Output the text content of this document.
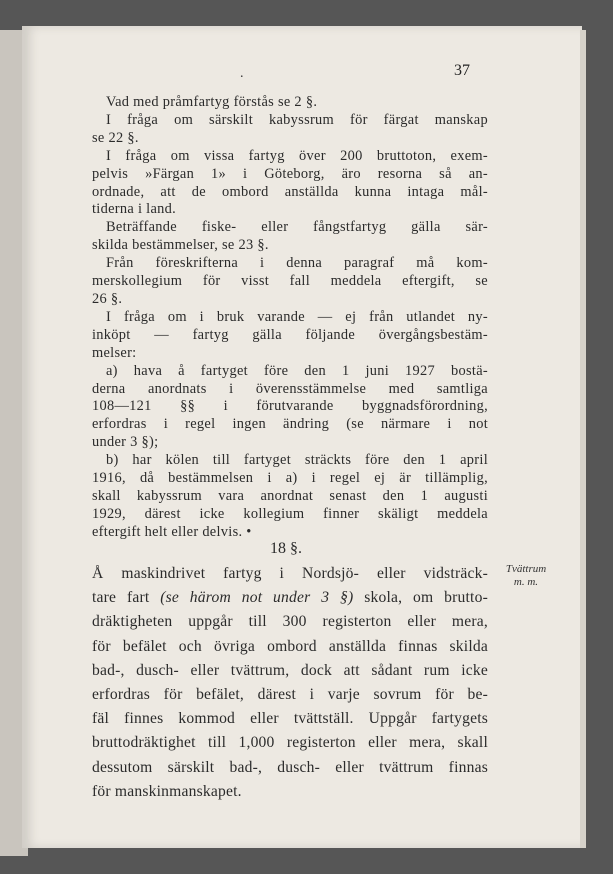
.	37
Vad med pråmfartyg förstås se 2 §.
I fråga om särskilt kabyssrum för färgat manskap
se 22 §.
I fråga om vissa fartyg över 200 bruttoton, exem-
pelvis »Färgan 1» i Göteborg, äro resorna så an-
ordnade, att de ombord anställda kunna intaga mål-
tiderna i land.
Beträffande fiske- eller fångstfartyg gälla sär-
skilda bestämmelser, se 23 §.
Från föreskrifterna i denna paragraf må kom-
merskollegium för visst fall meddela eftergift, se
26 §.
I fråga om i bruk varande — ej från utlandet ny-
inköpt — fartyg gälla följande övergångsbestäm-
melser:
a) hava å fartyget före den 1 juni 1927 bostä-
derna anordnats i överensstämmelse med samtliga
108—121 §§ i förutvarande byggnadsförordning,
erfordras i regel ingen ändring (se närmare i not
under 3 §);
b) har kölen till fartyget sträckts före den 1 april
1916, då bestämmelsen i a) i regel ej är tillämplig,
skall kabyssrum vara anordnat senast den 1 augusti
1929, därest icke kollegium finner skäligt meddela
eftergift helt eller delvis. •
18 §.
Å maskindrivet fartyg i Nordsjö- eller vidsträck-
tare fart (se härom not under 3 §) skola, om brutto-
dräktigheten uppgår till 300 registerton eller mera,
för befälet och övriga ombord anställda finnas skilda
bad-, dusch- eller tvättrum, dock att sådant rum icke
erfordras för befälet, därest i varje sovrum för be-
fäl finnes kommod eller tvättställ. Uppgår fartygets
bruttodräktighet till 1,000 registerton eller mera, skall
dessutom särskilt bad-, dusch- eller tvättrum finnas
för manskinmanskapet.
Tvättrum
m. m.
